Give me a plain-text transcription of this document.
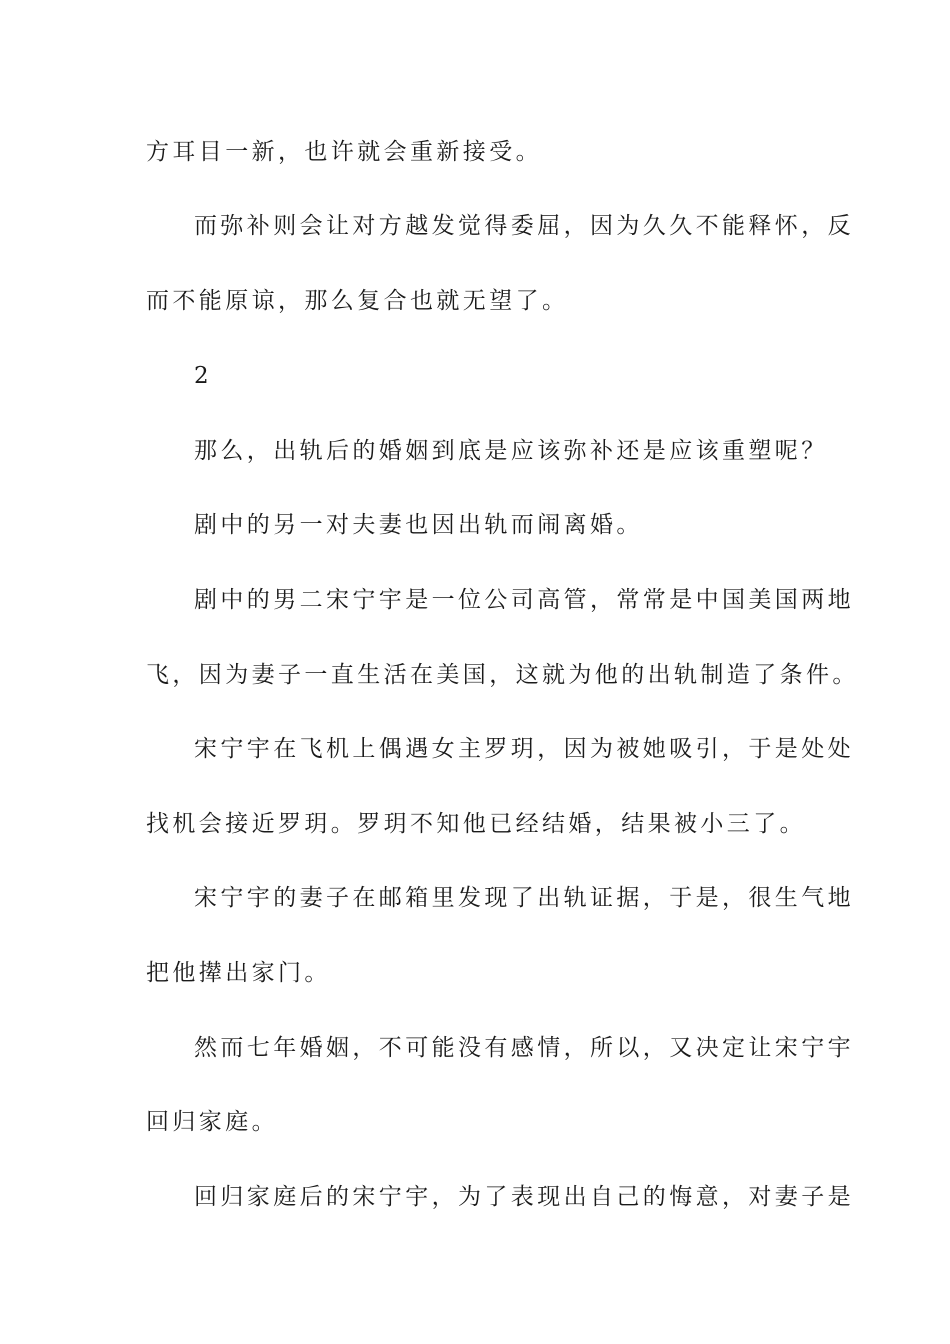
方耳目一新，也许就会重新接受。
而弥补则会让对方越发觉得委屈，因为久久不能释怀，反
而不能原谅，那么复合也就无望了。
2
那么，出轨后的婚姻到底是应该弥补还是应该重塑呢？
剧中的另一对夫妻也因出轨而闹离婚。
剧中的男二宋宁宇是一位公司高管，常常是中国美国两地
飞，因为妻子一直生活在美国，这就为他的出轨制造了条件。
宋宁宇在飞机上偶遇女主罗玥，因为被她吸引，于是处处
找机会接近罗玥。罗玥不知他已经结婚，结果被小三了。
宋宁宇的妻子在邮箱里发现了出轨证据，于是，很生气地
把他撵出家门。
然而七年婚姻，不可能没有感情，所以，又决定让宋宁宇
回归家庭。
回归家庭后的宋宁宇，为了表现出自己的悔意，对妻子是
